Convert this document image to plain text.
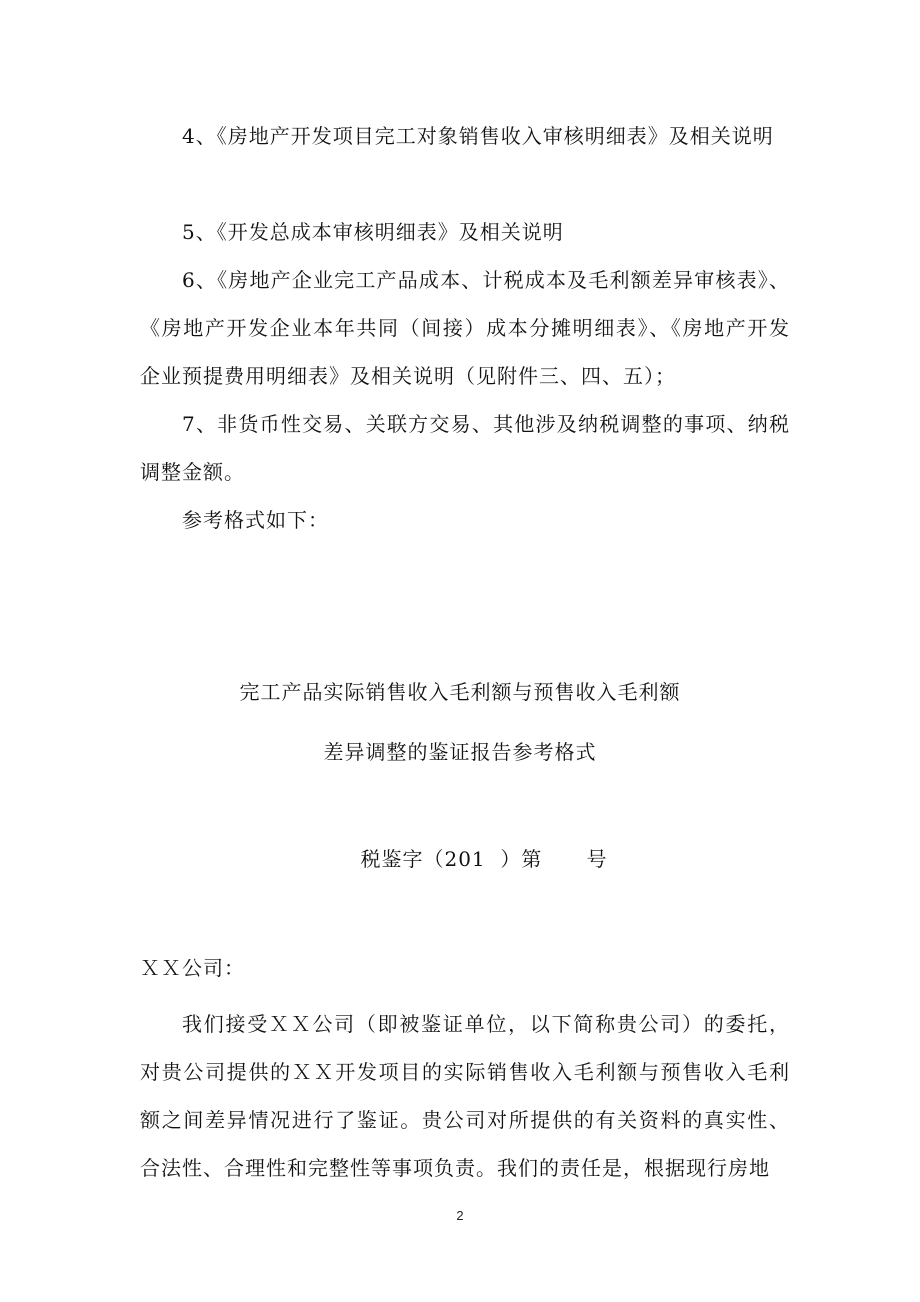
4、《房地产开发项目完工对象销售收入审核明细表》及相关说明

5、《开发总成本审核明细表》及相关说明

6、《房地产企业完工产品成本、计税成本及毛利额差异审核表》、《房地产开发企业本年共同（间接）成本分摊明细表》、《房地产开发企业预提费用明细表》及相关说明（见附件三、四、五）；

7、非货币性交易、关联方交易、其他涉及纳税调整的事项、纳税调整金额。

参考格式如下：

完工产品实际销售收入毛利额与预售收入毛利额

差异调整的鉴证报告参考格式

税鉴字（201  ）第      号

ＸＸ公司：

我们接受ＸＸ公司（即被鉴证单位，以下简称贵公司）的委托，对贵公司提供的ＸＸ开发项目的实际销售收入毛利额与预售收入毛利额之间差异情况进行了鉴证。贵公司对所提供的有关资料的真实性、合法性、合理性和完整性等事项负责。我们的责任是，根据现行房地

2
